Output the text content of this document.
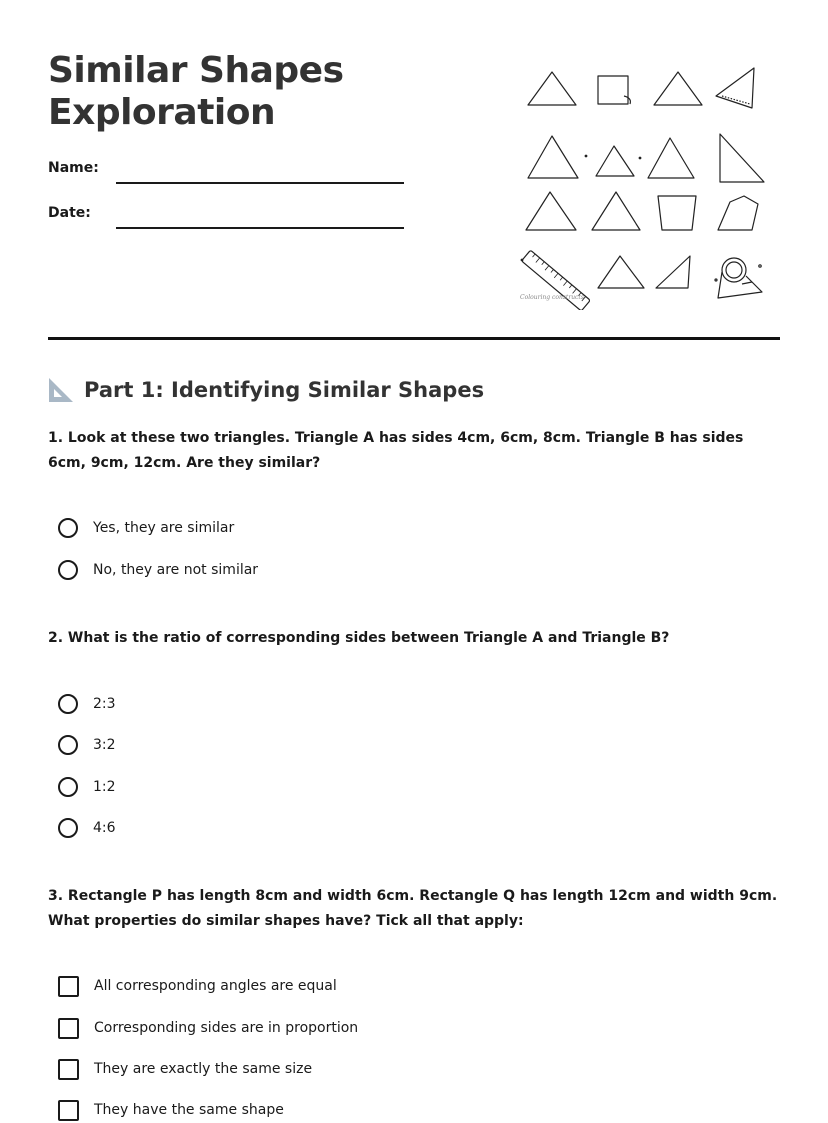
Similar Shapes
Exploration
Name:
Date:
Colouring constructs
Part 1: Identifying Similar Shapes

1. Look at these two triangles. Triangle A has sides 4cm, 6cm, 8cm. Triangle B has sides 6cm, 9cm, 12cm. Are they similar?

Yes, they are similar
No, they are not similar

2. What is the ratio of corresponding sides between Triangle A and Triangle B?

2:3
3:2
1:2
4:6

3. Rectangle P has length 8cm and width 6cm. Rectangle Q has length 12cm and width 9cm. What properties do similar shapes have? Tick all that apply:

All corresponding angles are equal
Corresponding sides are in proportion
They are exactly the same size
They have the same shape
